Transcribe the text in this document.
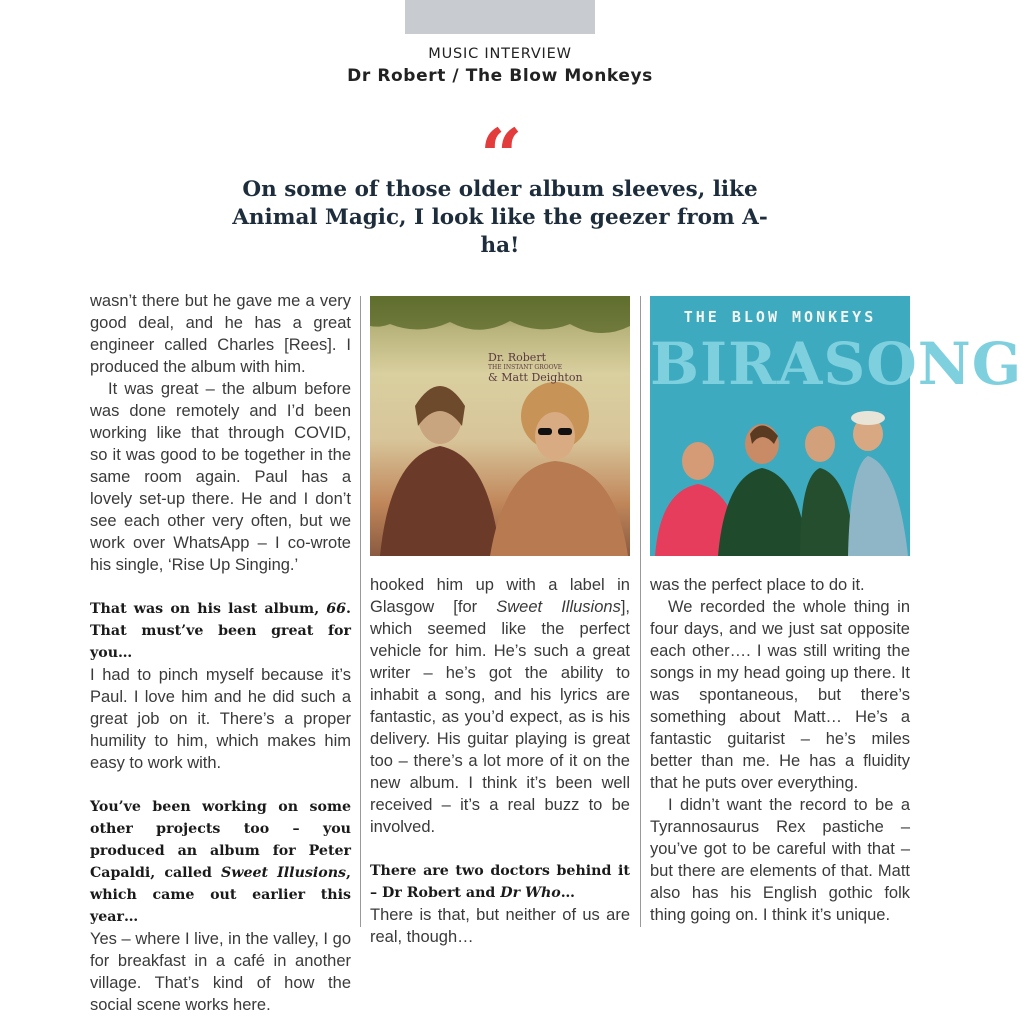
MUSIC INTERVIEW
Dr Robert / The Blow Monkeys
“
On some of those older album sleeves, like Animal Magic, I look like the geezer from A-ha!

wasn’t there but he gave me a very good deal, and he has a great engineer called Charles [Rees]. I produced the album with him.

It was great – the album before was done remotely and I’d been working like that through COVID, so it was good to be together in the same room again. Paul has a lovely set-up there. He and I don’t see each other very often, but we work over WhatsApp – I co-wrote his single, ‘Rise Up Singing.’

That was on his last album, 66. That must’ve been great for you…

I had to pinch myself because it’s Paul. I love him and he did such a great job on it. There’s a proper humility to him, which makes him easy to work with.

You’ve been working on some other projects too – you produced an album for Peter Capaldi, called Sweet Illusions, which came out earlier this year…

Yes – where I live, in the valley, I go for breakfast in a café in another village. That’s kind of how the social scene works here.

Dr. Robert
THE INSTANT GROOVE
& Matt Deighton

hooked him up with a label in Glasgow [for Sweet Illusions], which seemed like the perfect vehicle for him. He’s such a great writer – he’s got the ability to inhabit a song, and his lyrics are fantastic, as you’d expect, as is his delivery. His guitar playing is great too – there’s a lot more of it on the new album. I think it’s been well received – it’s a real buzz to be involved.

There are two doctors behind it – Dr Robert and Dr Who…

There is that, but neither of us are real, though…

THE BLOW MONKEYS
BIRASONG

was the perfect place to do it.

We recorded the whole thing in four days, and we just sat opposite each other…. I was still writing the songs in my head going up there. It was spontaneous, but there’s something about Matt… He’s a fantastic guitarist – he’s miles better than me. He has a fluidity that he puts over everything.

I didn’t want the record to be a Tyrannosaurus Rex pastiche – you’ve got to be careful with that – but there are elements of that. Matt also has his English gothic folk thing going on. I think it’s unique.
